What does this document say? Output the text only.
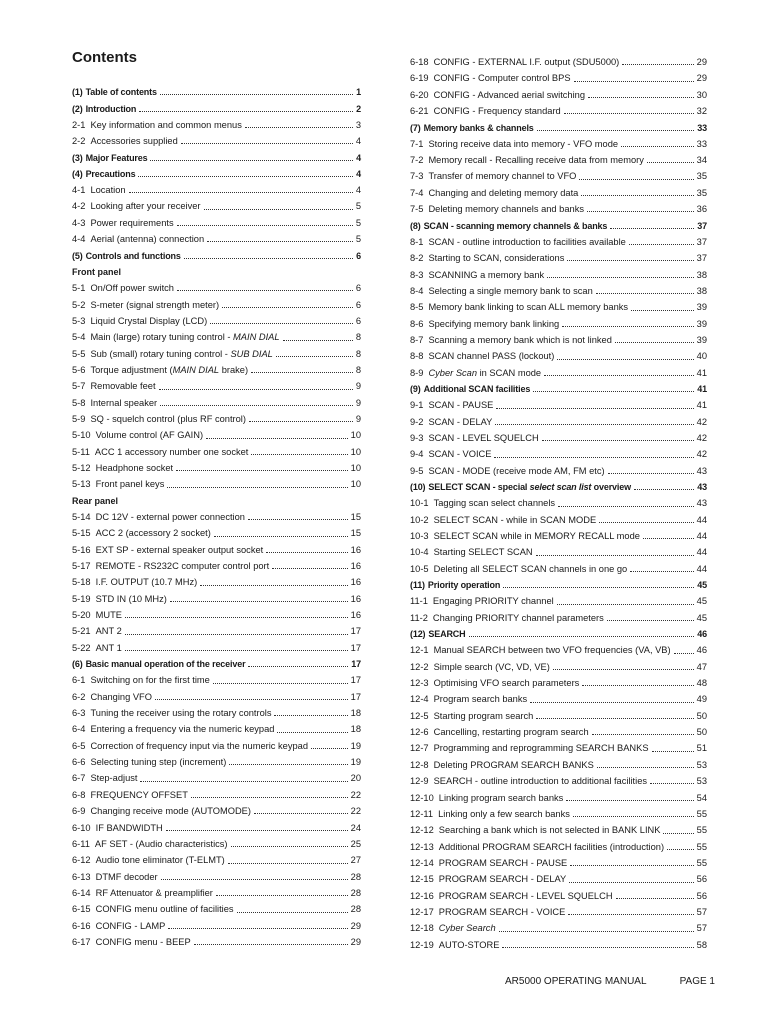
Contents
(1) Table of contents	1
(2) Introduction	2
2-1 Key information and common menus	3
2-2 Accessories supplied	4
(3) Major Features	4
(4) Precautions	4
4-1 Location	4
4-2 Looking after your receiver	5
4-3 Power requirements	5
4-4 Aerial (antenna) connection	5
(5) Controls and functions	6
Front panel
5-1 On/Off power switch	6
5-2 S-meter (signal strength meter)	6
5-3 Liquid Crystal Display (LCD)	6
5-4 Main (large) rotary tuning control - MAIN DIAL	8
5-5 Sub (small) rotary tuning control - SUB DIAL	8
5-6 Torque adjustment (MAIN DIAL brake)	8
5-7 Removable feet	9
5-8 Internal speaker	9
5-9 SQ - squelch control (plus RF control)	9
5-10 Volume control (AF GAIN)	10
5-11 ACC 1 accessory number one socket	10
5-12 Headphone socket	10
5-13 Front panel keys	10
Rear panel
5-14 DC 12V - external power connection	15
5-15 ACC 2 (accessory 2 socket)	15
5-16 EXT SP - external speaker output socket	16
5-17 REMOTE - RS232C computer control port	16
5-18 I.F. OUTPUT (10.7 MHz)	16
5-19 STD IN (10 MHz)	16
5-20 MUTE	16
5-21 ANT 2	17
5-22 ANT 1	17
(6) Basic manual operation of the receiver	17
6-1 Switching on for the first time	17
6-2 Changing VFO	17
6-3 Tuning the receiver using the rotary controls	18
6-4 Entering a frequency via the numeric keypad	18
6-5 Correction of frequency input via the numeric keypad	19
6-6 Selecting tuning step (increment)	19
6-7 Step-adjust	20
6-8 FREQUENCY OFFSET	22
6-9 Changing receive mode (AUTOMODE)	22
6-10 IF BANDWIDTH	24
6-11 AF SET - (Audio characteristics)	25
6-12 Audio tone eliminator (T-ELMT)	27
6-13 DTMF decoder	28
6-14 RF Attenuator & preamplifier	28
6-15 CONFIG menu outline of facilities	28
6-16 CONFIG - LAMP	29
6-17 CONFIG menu - BEEP	29
6-18 CONFIG - EXTERNAL I.F. output (SDU5000)	29
6-19 CONFIG - Computer control BPS	29
6-20 CONFIG - Advanced aerial switching	30
6-21 CONFIG - Frequency standard	32
(7) Memory banks & channels	33
7-1 Storing receive data into memory - VFO mode	33
7-2 Memory recall - Recalling receive data from memory	34
7-3 Transfer of memory channel to VFO	35
7-4 Changing and deleting memory data	35
7-5 Deleting memory channels and banks	36
(8) SCAN - scanning memory channels & banks	37
8-1 SCAN - outline introduction to facilities available	37
8-2 Starting to SCAN, considerations	37
8-3 SCANNING a memory bank	38
8-4 Selecting a single memory bank to scan	38
8-5 Memory bank linking to scan ALL memory banks	39
8-6 Specifying memory bank linking	39
8-7 Scanning a memory bank which is not linked	39
8-8 SCAN channel PASS (lockout)	40
8-9 Cyber Scan in SCAN mode	41
(9) Additional SCAN facilities	41
9-1 SCAN - PAUSE	41
9-2 SCAN - DELAY	42
9-3 SCAN - LEVEL SQUELCH	42
9-4 SCAN - VOICE	42
9-5 SCAN - MODE (receive mode AM, FM etc)	43
(10) SELECT SCAN - special select scan list overview	43
10-1 Tagging scan select channels	43
10-2 SELECT SCAN - while in SCAN MODE	44
10-3 SELECT SCAN while in MEMORY RECALL mode	44
10-4 Starting SELECT SCAN	44
10-5 Deleting all SELECT SCAN channels in one go	44
(11) Priority operation	45
11-1 Engaging PRIORITY channel	45
11-2 Changing PRIORITY channel parameters	45
(12) SEARCH	46
12-1 Manual SEARCH between two VFO frequencies (VA, VB)	46
12-2 Simple search (VC, VD, VE)	47
12-3 Optimising VFO search parameters	48
12-4 Program search banks	49
12-5 Starting program search	50
12-6 Cancelling, restarting program search	50
12-7 Programming and reprogramming SEARCH BANKS	51
12-8 Deleting PROGRAM SEARCH BANKS	53
12-9 SEARCH - outline introduction to additional facilities	53
12-10 Linking program search banks	54
12-11 Linking only a few search banks	55
12-12 Searching a bank which is not selected in BANK LINK	55
12-13 Additional PROGRAM SEARCH facilities (introduction)	55
12-14 PROGRAM SEARCH - PAUSE	55
12-15 PROGRAM SEARCH - DELAY	56
12-16 PROGRAM SEARCH - LEVEL SQUELCH	56
12-17 PROGRAM SEARCH - VOICE	57
12-18 Cyber Search	57
12-19 AUTO-STORE	58
AR5000 OPERATING MANUAL	PAGE 1
